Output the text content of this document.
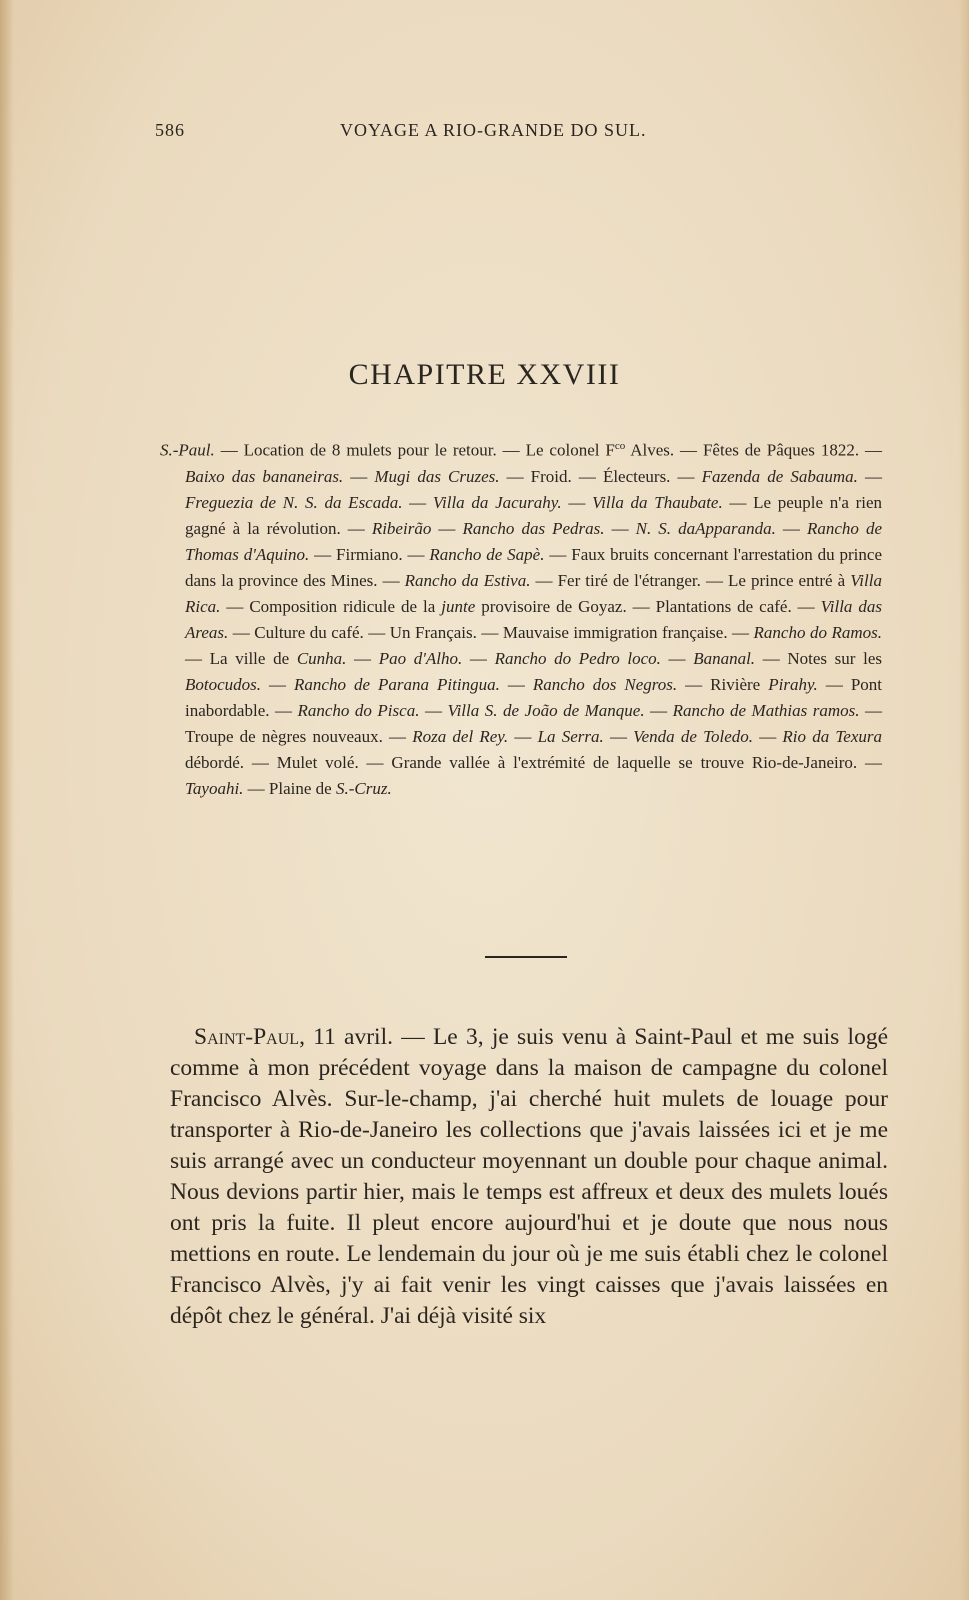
586	VOYAGE A RIO-GRANDE DO SUL.
CHAPITRE XXVIII
S.-Paul. — Location de 8 mulets pour le retour. — Le colonel $F^{co}$ Alves. — Fêtes de Pâques 1822. — Baixo das bananeiras. — Mugi das Cruzes. — Froid. — Électeurs. — Fazenda de Sabauma. — Freguezia de N. S. da Escada. — Villa da Jacurahy. — Villa da Thaubate. — Le peuple n'a rien gagné à la révolution. — Ribeirão — Rancho das Pedras. — N. S. daApparanda. — Rancho de Thomas d'Aquino. — Firmiano. — Rancho de Sapè. — Faux bruits concernant l'arrestation du prince dans la province des Mines. — Rancho da Estiva. — Fer tiré de l'étranger. — Le prince entré à Villa Rica. — Composition ridicule de la junte provisoire de Goyaz. — Plantations de café. — Villa das Areas. — Culture du café. — Un Français. — Mauvaise immigration française. — Rancho do Ramos. — La ville de Cunha. — Pao d'Alho. — Rancho do Pedro loco. — Bananal. — Notes sur les Botocudos. — Rancho de Parana Pitingua. — Rancho dos Negros. — Rivière Pirahy. — Pont inabordable. — Rancho do Pisca. — Villa S. de João de Manque. — Rancho de Mathias ramos. — Troupe de nègres nouveaux. — Roza del Rey. — La Serra. — Venda de Toledo. — Rio da Texura débordé. — Mulet volé. — Grande vallée à l'extrémité de laquelle se trouve Rio-de-Janeiro. — Tayoahi. — Plaine de S.-Cruz.
Saint-Paul, 11 avril. — Le 3, je suis venu à Saint-Paul et me suis logé comme à mon précédent voyage dans la maison de campagne du colonel Francisco Alvès. Sur-le-champ, j'ai cherché huit mulets de louage pour transporter à Rio-de-Janeiro les collections que j'avais laissées ici et je me suis arrangé avec un conducteur moyennant un double pour chaque animal. Nous devions partir hier, mais le temps est affreux et deux des mulets loués ont pris la fuite. Il pleut encore aujourd'hui et je doute que nous nous mettions en route. Le lendemain du jour où je me suis établi chez le colonel Francisco Alvès, j'y ai fait venir les vingt caisses que j'avais laissées en dépôt chez le général. J'ai déjà visité six
